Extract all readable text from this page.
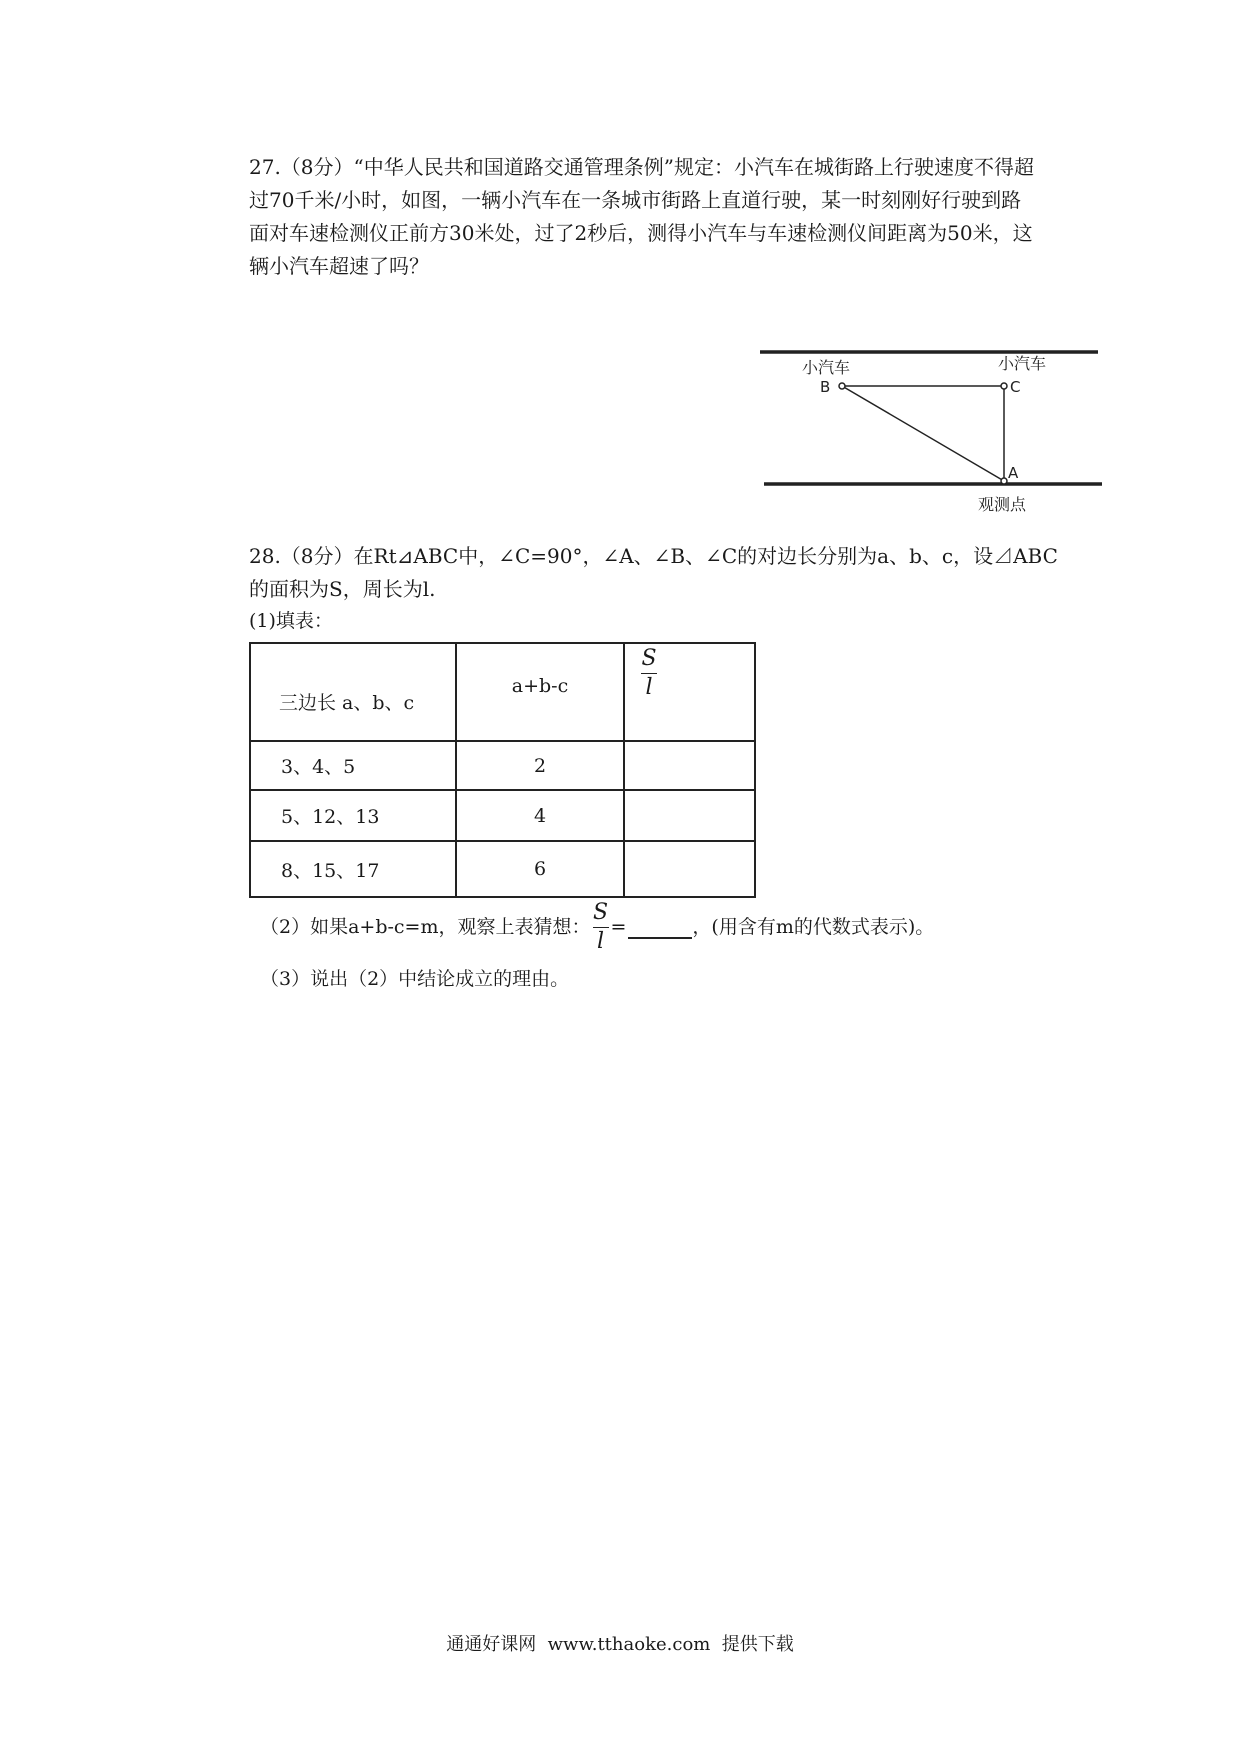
27.（8分）“中华人民共和国道路交通管理条例”规定：小汽车在城街路上行驶速度不得超
过70千米/小时，如图，一辆小汽车在一条城市街路上直道行驶，某一时刻刚好行驶到路
面对车速检测仪正前方30米处，过了2秒后，测得小汽车与车速检测仪间距离为50米，这
辆小汽车超速了吗？
小汽车	小汽车
B	C
A
观测点
28.（8分）在Rt⊿ABC中，∠C=90°，∠A、∠B、∠C的对边长分别为a、b、c，设⊿ABC
的面积为S，周长为l.
(1)填表：
三边长 a、b、c	a+b-c	$\frac{S}{l}$

3、4、5	2	
5、12、13	4	
8、15、17	6	
（2）如果a+b-c=m，观察上表猜想： $\frac{S}{l}$ =	，(用含有m的代数式表示)。
（3）说出（2）中结论成立的理由。
通通好课网  www.tthaoke.com  提供下载
